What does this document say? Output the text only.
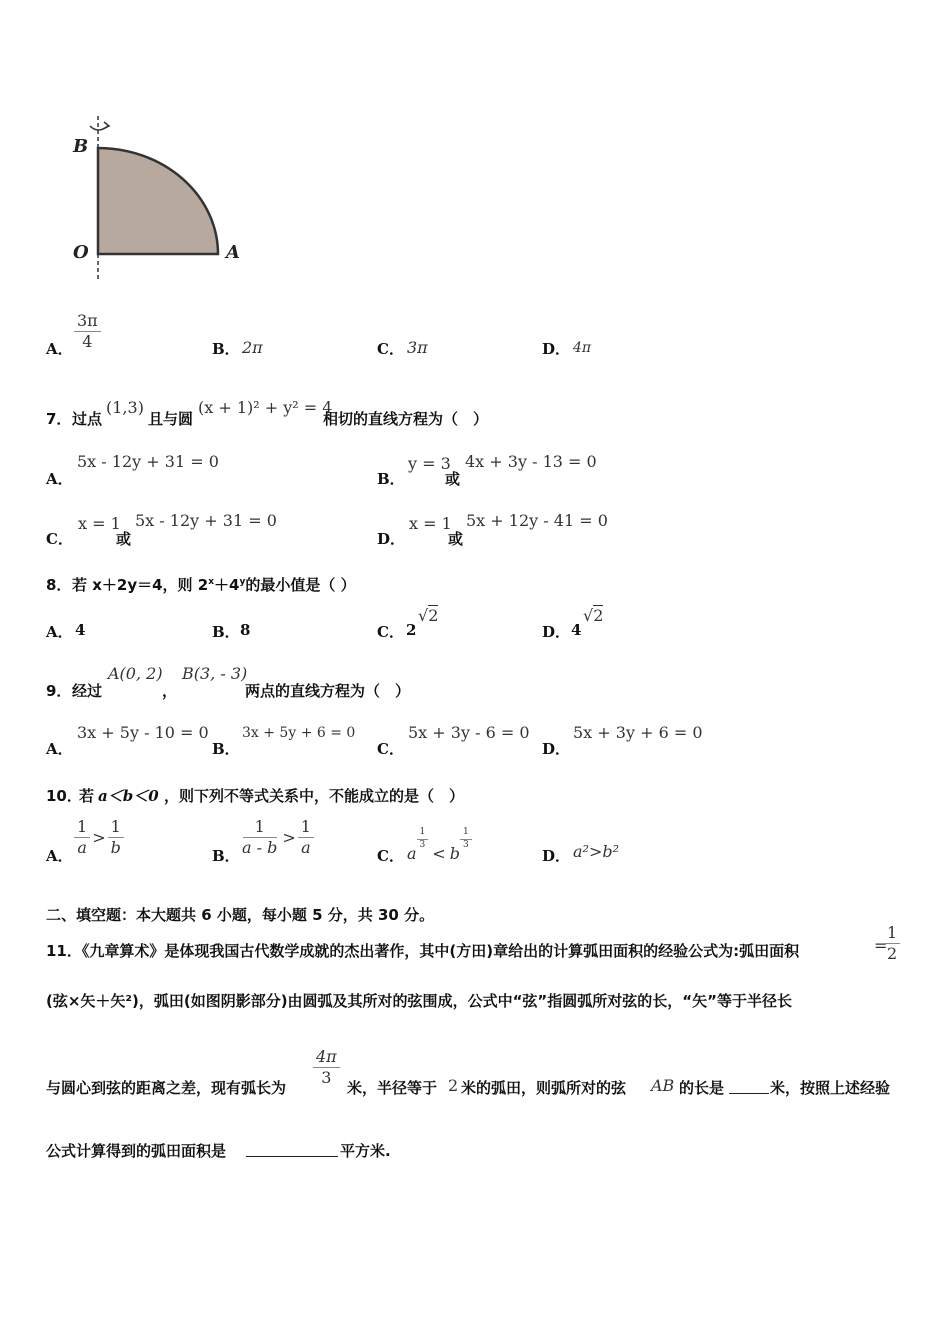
B
O	A
A． $\frac{3\pi}{4}$	B． 2π	C． 3π	D． 4π
7． 过点
(1,3)
且与圆
(x + 1)² + y² = 4
相切的直线方程为（　）
A．
5x - 12y + 31 = 0
B．
y = 3
或
4x + 3y - 13 = 0
C．
x = 1
或
5x - 12y + 31 = 0
D．
x = 1
或
5x + 12y - 41 = 0
8． 若 x＋2y＝4，则 $2^x+4^y$的最小值是（ ）
A． 4	B． 8	C． 2
√2
D． 4
√2
9． 经过
A(0, 2)
，
B(3, - 3)
两点的直线方程为（　）
A．
3x + 5y - 10 = 0
B．
3x + 5y + 6 = 0
C．
5x + 3y - 6 = 0
D．
5x + 3y + 6 = 0
10．
若 a＜b＜0 ，则下列不等式关系中，不能成立的是（　）
A． $\frac{1}{a} > \frac{1}{b}$	B． $\frac{1}{a - b} > \frac{1}{a}$	C． a
$\frac{1}{3}$
< b
$\frac{1}{3}$
D． a²>b²
二、填空题：本大题共 6 小题，每小题 5 分，共 30 分。
11．《九章算术》是体现我国古代数学成就的杰出著作，其中(方田)章给出的计算弧田面积的经验公式为:弧田面积	=
$\frac{1}{2}$
(弦×矢＋矢²)，弧田(如图阴影部分)由圆弧及其所对的弦围成，公式中“弦”指圆弧所对弦的长，“矢”等于半径长
与圆心到弦的距离之差，现有弧长为
$\frac{4\pi}{3}$
米，半径等于 2 米的弧田，则弧所对的弦 AB 的长是	米，按照上述经验
公式计算得到的弧田面积是	平方米.
